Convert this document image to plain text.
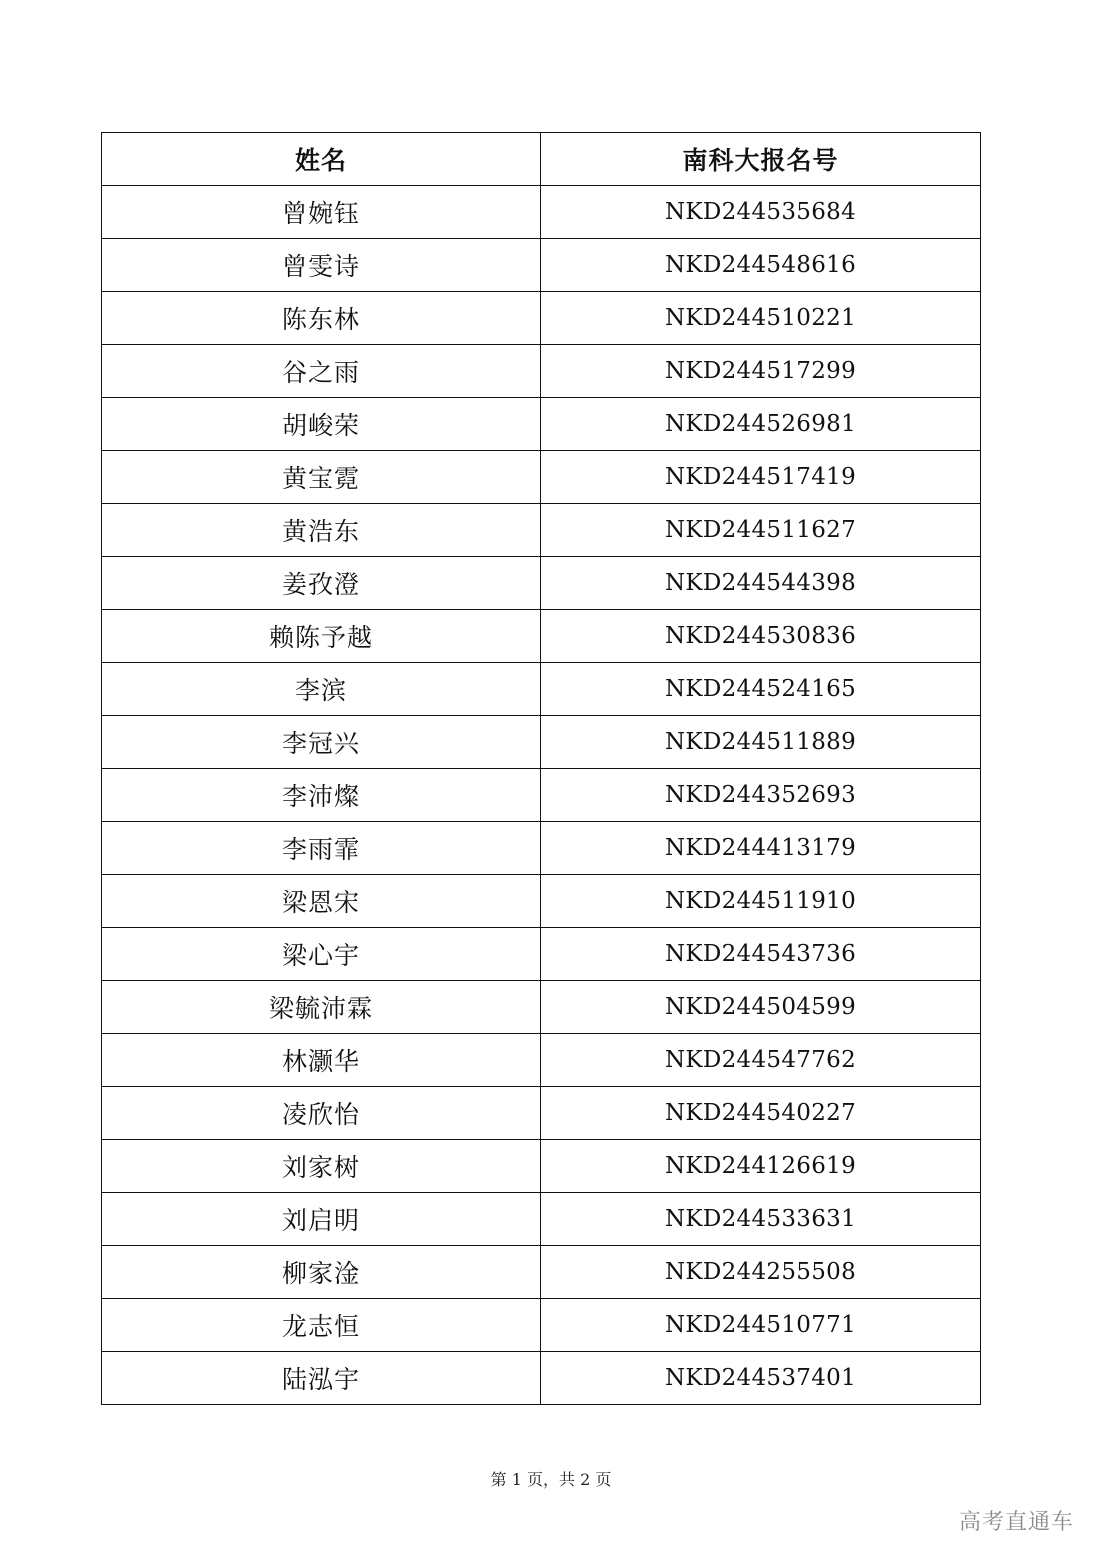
姓名	南科大报名号
曾婉钰	NKD244535684
曾雯诗	NKD244548616
陈东林	NKD244510221
谷之雨	NKD244517299
胡峻荣	NKD244526981
黄宝霓	NKD244517419
黄浩东	NKD244511627
姜孜澄	NKD244544398
赖陈予越	NKD244530836
李滨	NKD244524165
李冠兴	NKD244511889
李沛燦	NKD244352693
李雨霏	NKD244413179
梁恩宋	NKD244511910
梁心宇	NKD244543736
梁毓沛霖	NKD244504599
林灏华	NKD244547762
凌欣怡	NKD244540227
刘家树	NKD244126619
刘启明	NKD244533631
柳家淦	NKD244255508
龙志恒	NKD244510771
陆泓宇	NKD244537401
第 1 页，共 2 页
高考直通车
